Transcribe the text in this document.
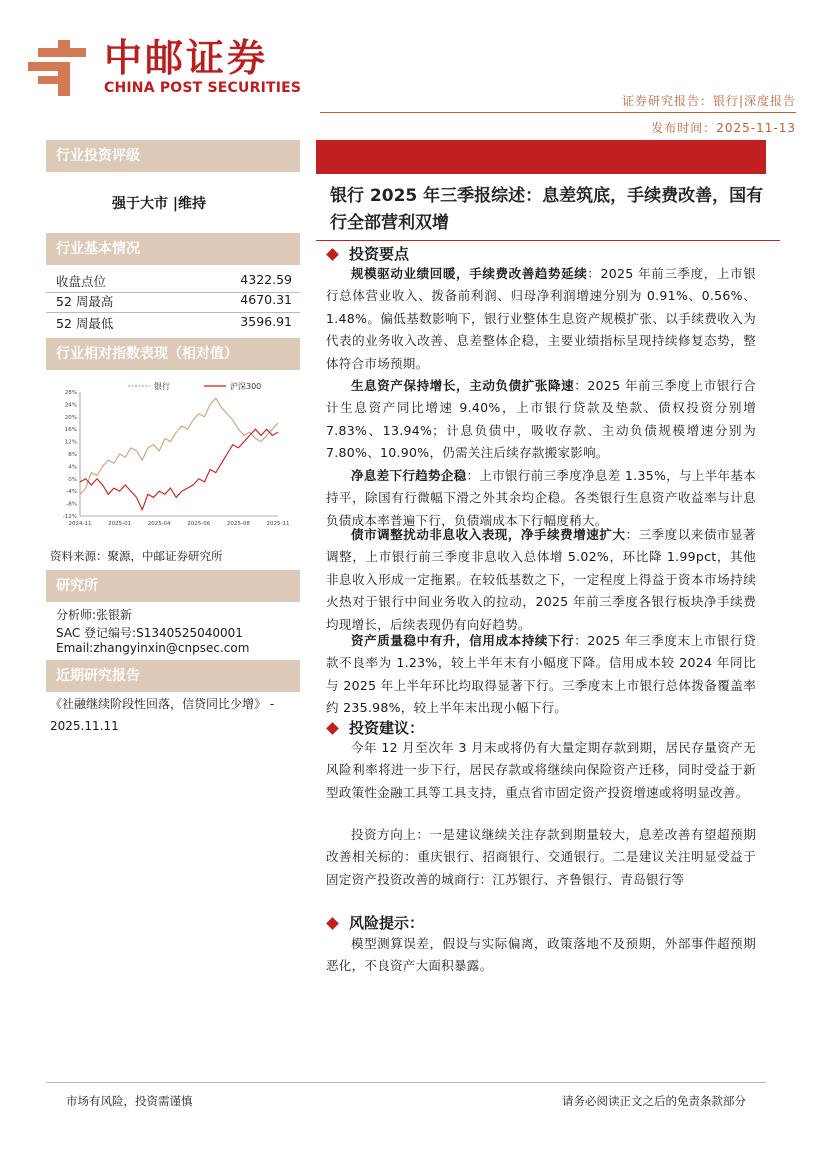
中邮证券
CHINA POST SECURITIES
证券研究报告：银行|深度报告
发布时间：2025-11-13
行业投资评级
强于大市 |维持
行业基本情况
收盘点位	4322.59
52 周最高	4670.31
52 周最低	3596.91
行业相对指数表现（相对值）
银行	沪深300
28%
24%
20%
16%
12%
8%
4%
0%
-4%
-8%
-12%
2024-11	2025-01	2025-04	2025-06	2025-08	2025-11
资料来源：聚源，中邮证券研究所
研究所
分析师:张银新
SAC 登记编号:S1340525040001
Email:zhangyinxin@cnpsec.com
近期研究报告
《社融继续阶段性回落，信贷同比少增》 - 2025.11.11
银行 2025 年三季报综述：息差筑底，手续费改善，国有行全部营利双增
投资要点
规模驱动业绩回暖，手续费改善趋势延续：2025 年前三季度，上市银行总体营业收入、拨备前利润、归母净利润增速分别为 0.91%、0.56%、1.48%。偏低基数影响下，银行业整体生息资产规模扩张、以手续费收入为代表的业务收入改善、息差整体企稳，主要业绩指标呈现持续修复态势，整体符合市场预期。
生息资产保持增长，主动负债扩张降速：2025 年前三季度上市银行合计生息资产同比增速 9.40%，上市银行贷款及垫款、债权投资分别增 7.83%、13.94%；计息负债中，吸收存款、主动负债规模增速分别为 7.80%、10.90%，仍需关注后续存款搬家影响。
净息差下行趋势企稳：上市银行前三季度净息差 1.35%，与上半年基本持平，除国有行微幅下滑之外其余均企稳。各类银行生息资产收益率与计息负债成本率普遍下行，负债端成本下行幅度稍大。
债市调整扰动非息收入表现，净手续费增速扩大：三季度以来债市显著调整，上市银行前三季度非息收入总体增 5.02%，环比降 1.99pct，其他非息收入形成一定拖累。在较低基数之下，一定程度上得益于资本市场持续火热对于银行中间业务收入的拉动，2025 年前三季度各银行板块净手续费均现增长，后续表现仍有向好趋势。
资产质量稳中有升，信用成本持续下行：2025 年三季度末上市银行贷款不良率为 1.23%，较上半年末有小幅度下降。信用成本较 2024 年同比与 2025 年上半年环比均取得显著下行。三季度末上市银行总体拨备覆盖率约 235.98%，较上半年末出现小幅下行。
投资建议：
今年 12 月至次年 3 月末或将仍有大量定期存款到期，居民存量资产无风险利率将进一步下行，居民存款或将继续向保险资产迁移，同时受益于新型政策性金融工具等工具支持，重点省市固定资产投资增速或将明显改善。
投资方向上：一是建议继续关注存款到期量较大，息差改善有望超预期改善相关标的：重庆银行、招商银行、交通银行。二是建议关注明显受益于固定资产投资改善的城商行：江苏银行、齐鲁银行、青岛银行等
风险提示：
模型测算误差，假设与实际偏离，政策落地不及预期，外部事件超预期恶化，不良资产大面积暴露。
市场有风险，投资需谨慎	请务必阅读正文之后的免责条款部分
